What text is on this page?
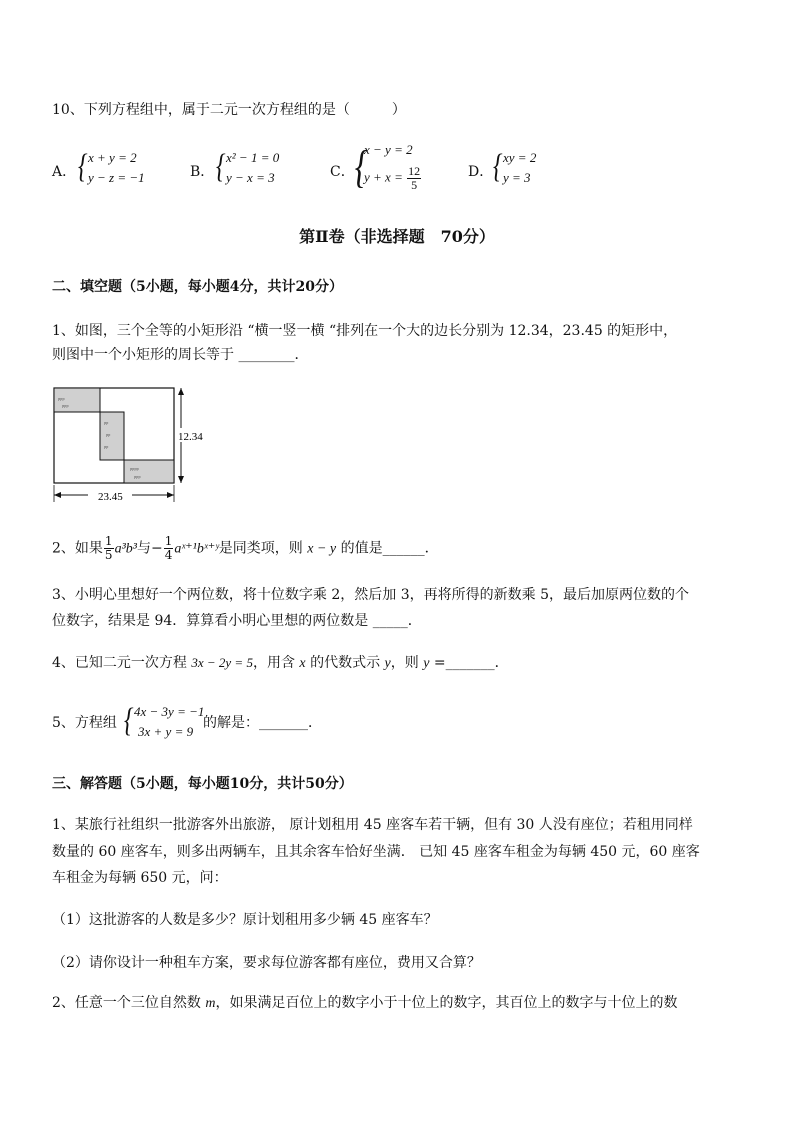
10、下列方程组中，属于二元一次方程组的是（　　　）
A． { x + y = 2
y − z = −1	B． { x² − 1 = 0
y − x = 3	C． {
x − y = 2
$y + x = \frac{12}{5}$	D． { xy = 2
y = 3
第Ⅱ卷（非选择题　70分）
二、填空题（5小题，每小题4分，共计20分）
1、如图，三个全等的小矩形沿 “横一竖一横 “排列在一个大的边长分别为 12.34，23.45 的矩形中，
则图中一个小矩形的周长等于 ________．
ᵖᵖᵖ
ᵖᵖᵖ
ᵖᵖ
ᵖᵖ
ᵖᵖ
ᵖᵖᵖᵖ
ᵖᵖᵖ
23.45
12.34
2、如果 $\frac{1}{5} a^3b^3$与− $\frac{1}{4}$ aˣ⁺¹bˣ⁺ʸ是同类项，则 x − y 的值是______．
3、小明心里想好一个两位数，将十位数字乘 2，然后加 3，再将所得的新数乘 5，最后加原两位数的个
位数字，结果是 94．算算看小明心里想的两位数是 _____．
4、已知二元一次方程 3x − 2y = 5，用含 x 的代数式示 y，则 y =_______．
5、方程组 { 4x − 3y = −1
3x + y = 9
的解是：_______．
三、解答题（5小题，每小题10分，共计50分）
1、某旅行社组织一批游客外出旅游， 原计划租用 45 座客车若干辆，但有 30 人没有座位；若租用同样
数量的 60 座客车，则多出两辆车，且其余客车恰好坐满． 已知 45 座客车租金为每辆 450 元，60 座客
车租金为每辆 650 元，问：
（1）这批游客的人数是多少？原计划租用多少辆 45 座客车？
（2）请你设计一种租车方案，要求每位游客都有座位，费用又合算？
2、任意一个三位自然数 m，如果满足百位上的数字小于十位上的数字，其百位上的数字与十位上的数
